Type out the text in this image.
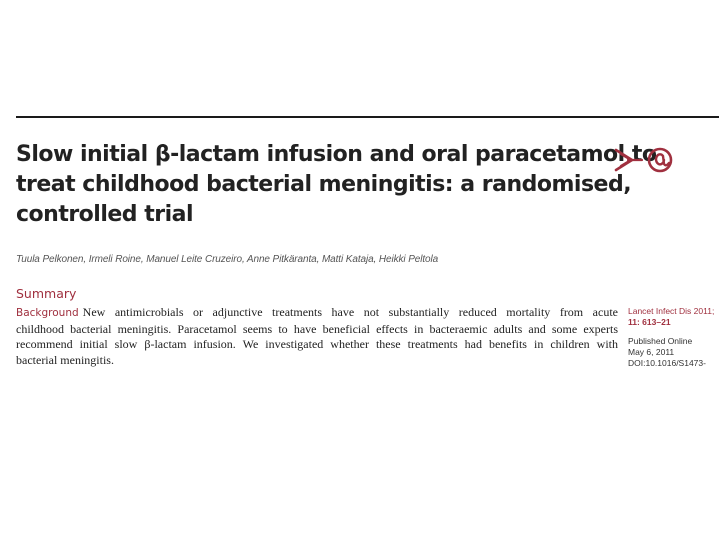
Slow initial β-lactam infusion and oral paracetamol to
treat childhood bacterial meningitis: a randomised,
controlled trial
Tuula Pelkonen, Irmeli Roine, Manuel Leite Cruzeiro, Anne Pitkäranta, Matti Kataja, Heikki Peltola
Summary
Background New antimicrobials or adjunctive treatments have not substantially reduced mortality from acute
childhood bacterial meningitis. Paracetamol seems to have beneficial effects in bacteraemic adults and some experts
recommend initial slow β-lactam infusion. We investigated whether these treatments had benefits in children with
bacterial meningitis.
Lancet Infect Dis 2011;
11: 613–21
Published Online
May 6, 2011
DOI:10.1016/S1473-
